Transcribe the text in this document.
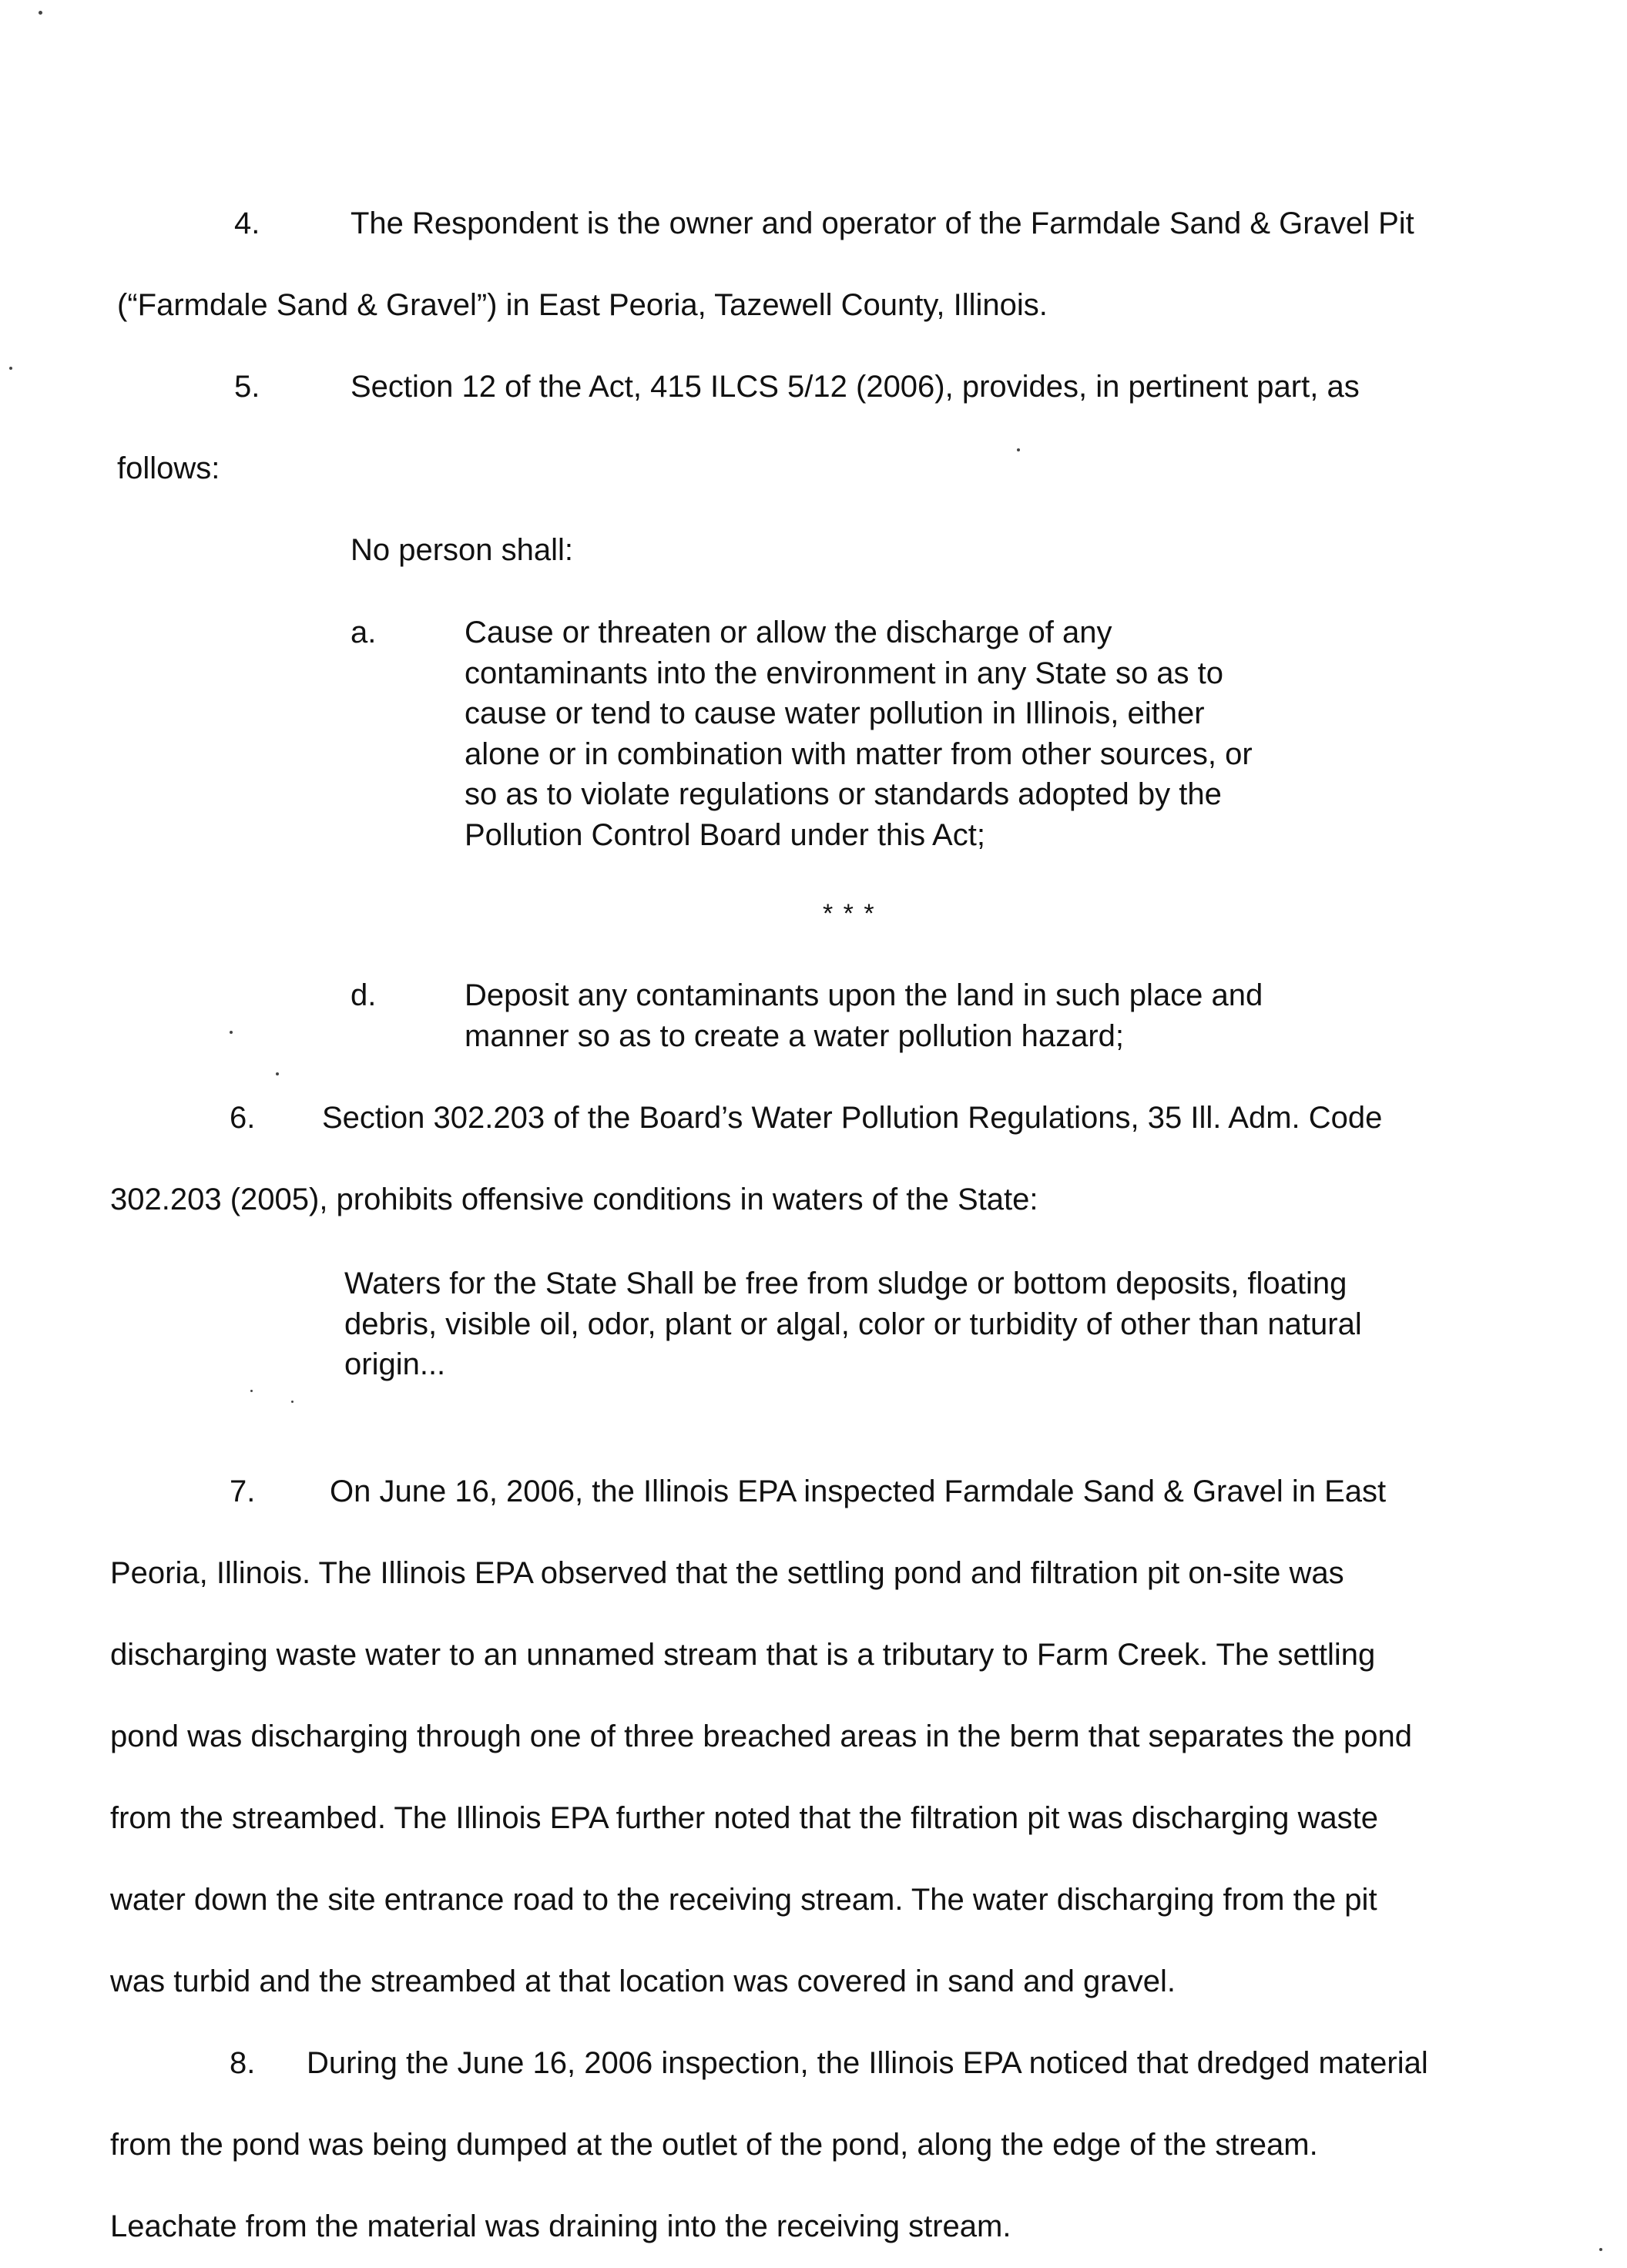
4.	The Respondent is the owner and operator of the Farmdale Sand & Gravel Pit
(“Farmdale Sand & Gravel”) in East Peoria, Tazewell County, Illinois.
5.	Section 12 of the Act, 415 ILCS 5/12 (2006), provides, in pertinent part, as
follows:
No person shall:
a.	Cause or threaten or allow the discharge of any
contaminants into the environment in any State so as to
cause or tend to cause water pollution in Illinois, either
alone or in combination with matter from other sources, or
so as to violate regulations or standards adopted by the
Pollution Control Board under this Act;
* * *
d.	Deposit any contaminants upon the land in such place and
manner so as to create a water pollution hazard;
6. Section 302.203 of the Board’s Water Pollution Regulations, 35 Ill. Adm. Code
302.203 (2005), prohibits offensive conditions in waters of the State:
Waters for the State Shall be free from sludge or bottom deposits, floating
debris, visible oil, odor, plant or algal, color or turbidity of other than natural
origin...
7. On June 16, 2006, the Illinois EPA inspected Farmdale Sand & Gravel in East
Peoria, Illinois. The Illinois EPA observed that the settling pond and filtration pit on-site was
discharging waste water to an unnamed stream that is a tributary to Farm Creek. The settling
pond was discharging through one of three breached areas in the berm that separates the pond
from the streambed. The Illinois EPA further noted that the filtration pit was discharging waste
water down the site entrance road to the receiving stream. The water discharging from the pit
was turbid and the streambed at that location was covered in sand and gravel.
8. During the June 16, 2006 inspection, the Illinois EPA noticed that dredged material
from the pond was being dumped at the outlet of the pond, along the edge of the stream.
Leachate from the material was draining into the receiving stream.
